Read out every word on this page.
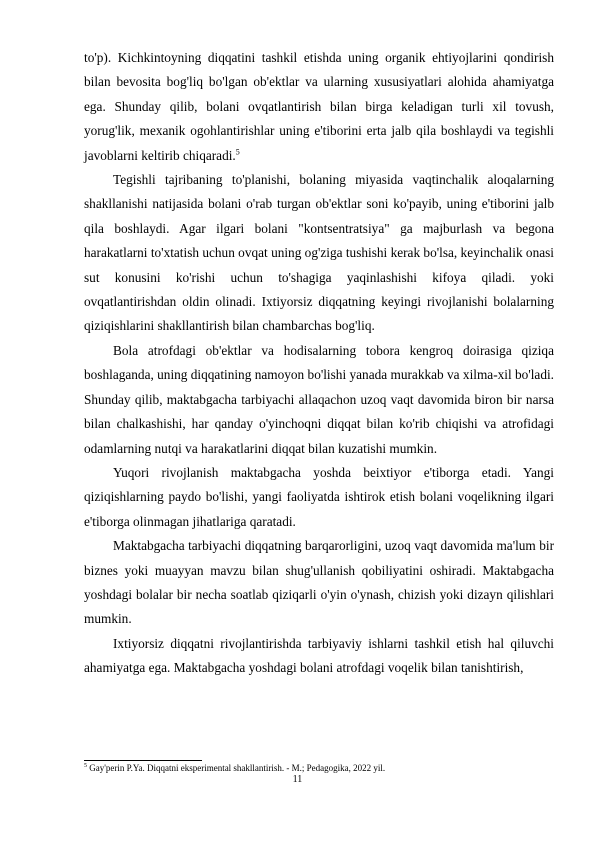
to'p). Kichkintoyning diqqatini tashkil etishda uning organik ehtiyojlarini qondirish bilan bevosita bog'liq bo'lgan ob'ektlar va ularning xususiyatlari alohida ahamiyatga ega. Shunday qilib, bolani ovqatlantirish bilan birga keladigan turli xil tovush, yorug'lik, mexanik ogohlantirishlar uning e'tiborini erta jalb qila boshlaydi va tegishli javoblarni keltirib chiqaradi.$^5$

Tegishli tajribaning to'planishi, bolaning miyasida vaqtinchalik aloqalarning shakllanishi natijasida bolani o'rab turgan ob'ektlar soni ko'payib, uning e'tiborini jalb qila boshlaydi. Agar ilgari bolani "kontsentratsiya" ga majburlash va begona harakatlarni to'xtatish uchun ovqat uning og'ziga tushishi kerak bo'lsa, keyinchalik onasi sut konusini ko'rishi uchun to'shagiga yaqinlashishi kifoya qiladi. yoki ovqatlantirishdan oldin olinadi. Ixtiyorsiz diqqatning keyingi rivojlanishi bolalarning qiziqishlarini shakllantirish bilan chambarchas bog'liq.

Bola atrofdagi ob'ektlar va hodisalarning tobora kengroq doirasiga qiziqa boshlaganda, uning diqqatining namoyon bo'lishi yanada murakkab va xilma-xil bo'ladi. Shunday qilib, maktabgacha tarbiyachi allaqachon uzoq vaqt davomida biron bir narsa bilan chalkashishi, har qanday o'yinchoqni diqqat bilan ko'rib chiqishi va atrofidagi odamlarning nutqi va harakatlarini diqqat bilan kuzatishi mumkin.

Yuqori rivojlanish maktabgacha yoshda beixtiyor e'tiborga etadi. Yangi qiziqishlarning paydo bo'lishi, yangi faoliyatda ishtirok etish bolani voqelikning ilgari e'tiborga olinmagan jihatlariga qaratadi.

Maktabgacha tarbiyachi diqqatning barqarorligini, uzoq vaqt davomida ma'lum bir biznes yoki muayyan mavzu bilan shug'ullanish qobiliyatini oshiradi. Maktabgacha yoshdagi bolalar bir necha soatlab qiziqarli o'yin o'ynash, chizish yoki dizayn qilishlari mumkin.

Ixtiyorsiz diqqatni rivojlantirishda tarbiyaviy ishlarni tashkil etish hal qiluvchi ahamiyatga ega. Maktabgacha yoshdagi bolani atrofdagi voqelik bilan tanishtirish,

$^5$ Gay'perin P.Ya. Diqqatni eksperimental shakllantirish. - M.; Pedagogika, 2022 yil.
11
